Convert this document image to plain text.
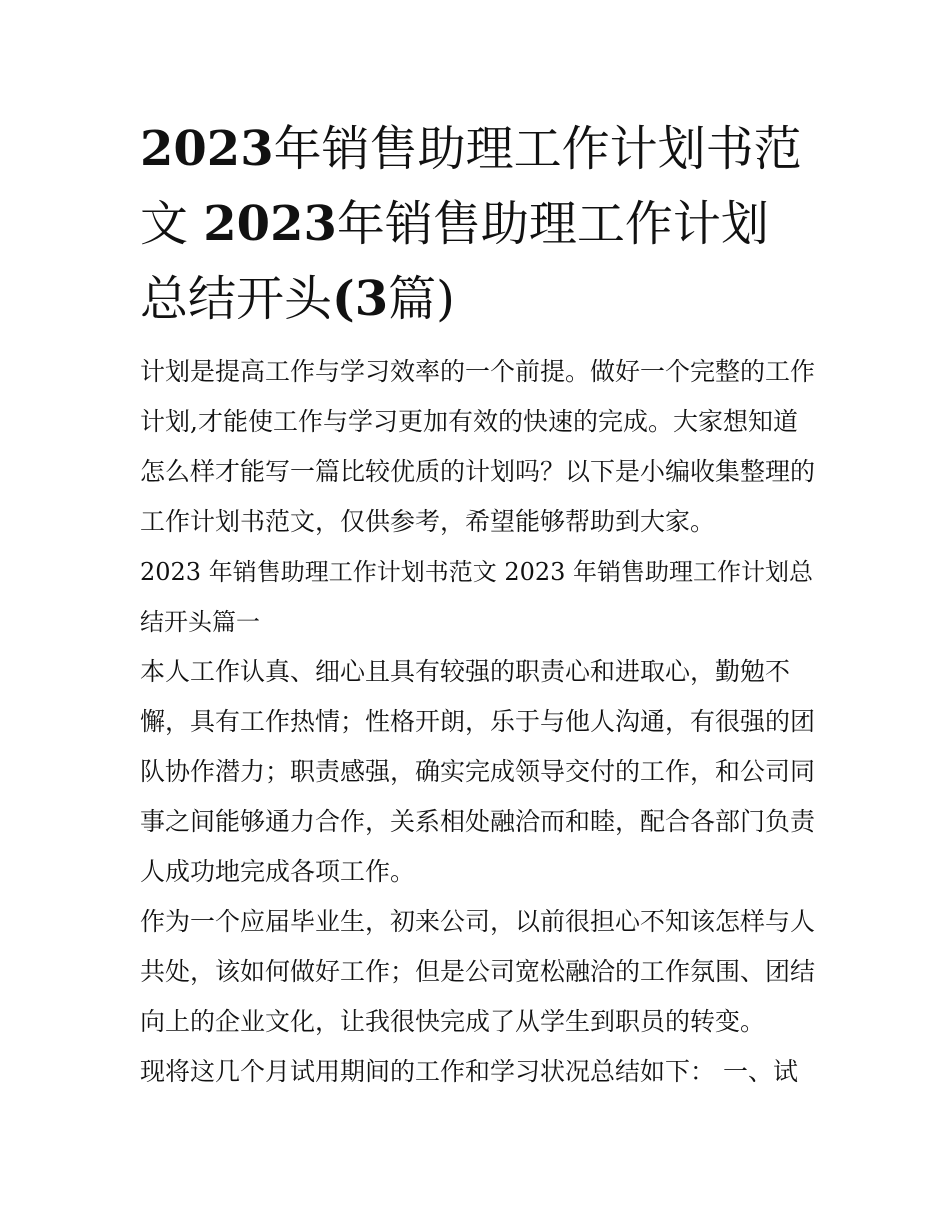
2023年销售助理工作计划书范
文 2023年销售助理工作计划
总结开头(3篇)

计划是提高工作与学习效率的一个前提。做好一个完整的工作
计划,才能使工作与学习更加有效的快速的完成。大家想知道
怎么样才能写一篇比较优质的计划吗？以下是小编收集整理的
工作计划书范文，仅供参考，希望能够帮助到大家。

2023 年销售助理工作计划书范文 2023 年销售助理工作计划总
结开头篇一

本人工作认真、细心且具有较强的职责心和进取心，勤勉不
懈，具有工作热情；性格开朗，乐于与他人沟通，有很强的团
队协作潜力；职责感强，确实完成领导交付的工作，和公司同
事之间能够通力合作，关系相处融洽而和睦，配合各部门负责
人成功地完成各项工作。

作为一个应届毕业生，初来公司，以前很担心不知该怎样与人
共处，该如何做好工作；但是公司宽松融洽的工作氛围、团结
向上的企业文化，让我很快完成了从学生到职员的转变。

现将这几个月试用期间的工作和学习状况总结如下： 一、试
